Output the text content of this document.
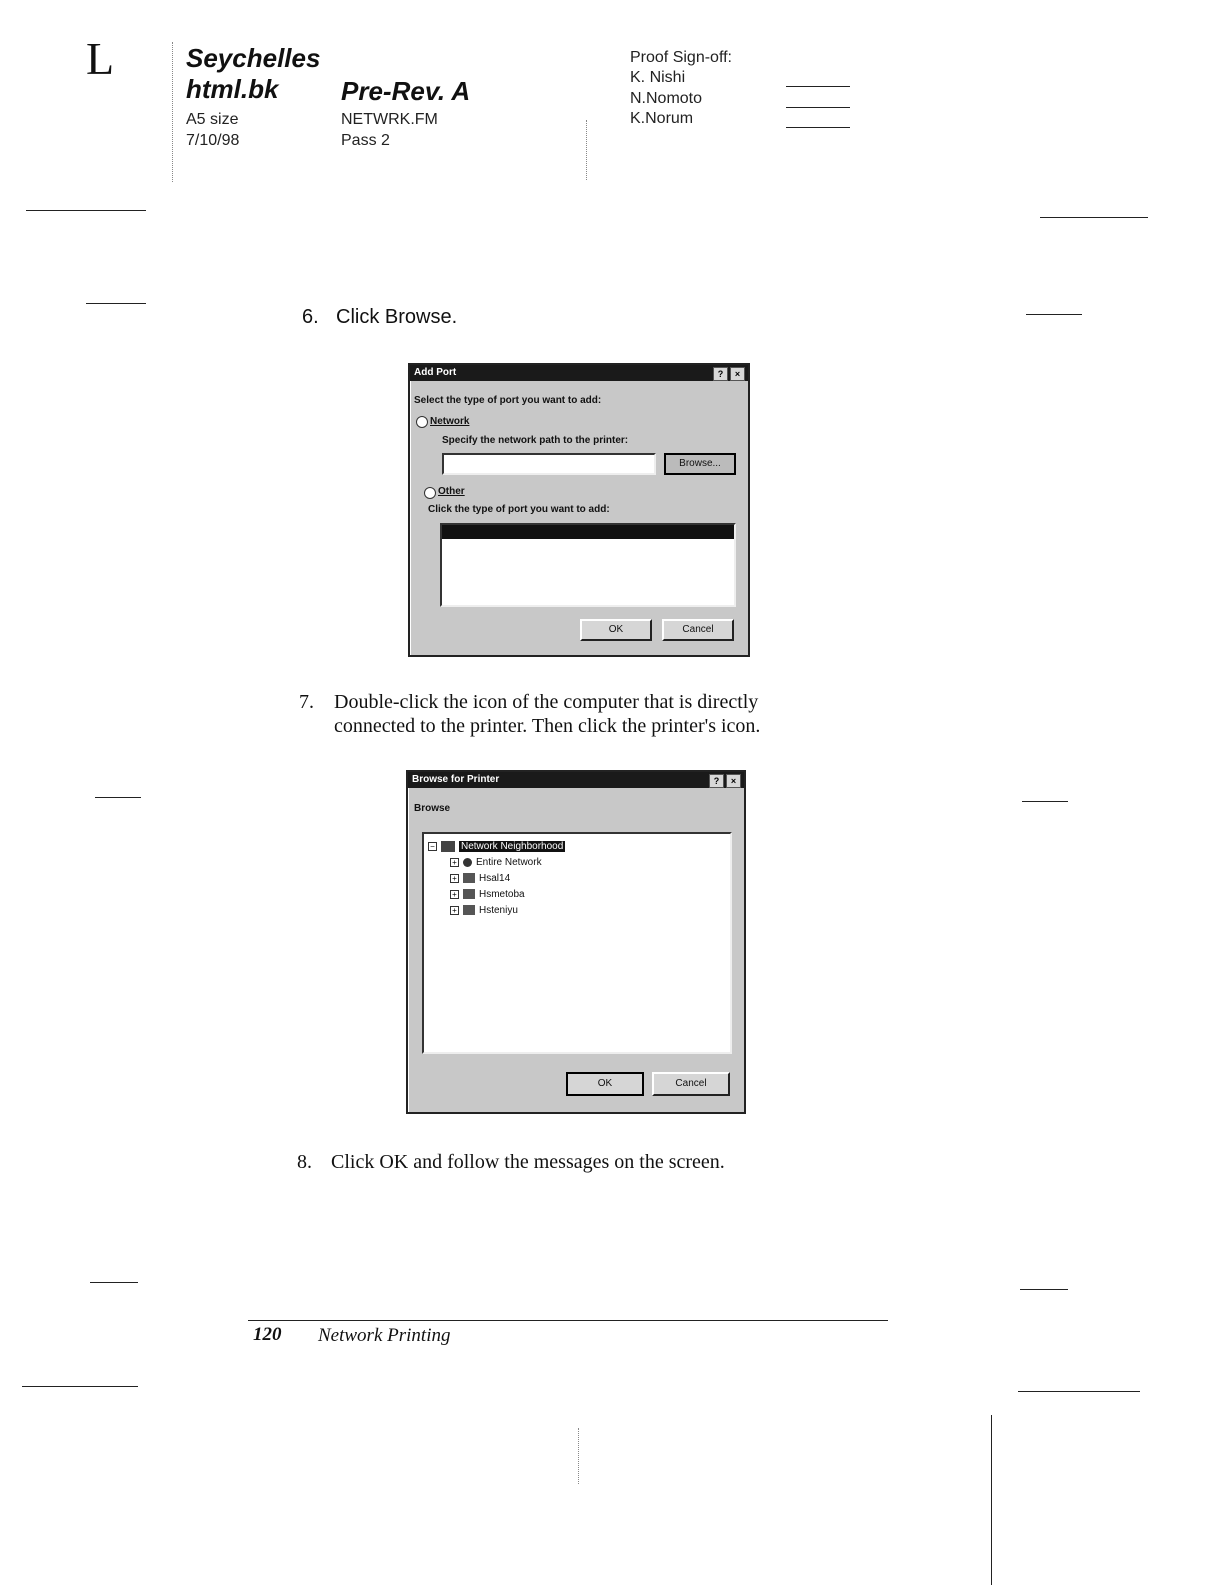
L	Seychelles
html.bk Pre-Rev. A
A5 size
7/10/98
NETWRK.FM
Pass 2
Proof Sign-off:
K. Nishi
N.Nomoto
K.Norum
6. Click Browse.
Add Port	?	×
Select the type of port you want to add:
Network
Specify the network path to the printer:
Browse...
Other
Click the type of port you want to add:
OK	Cancel
7. Double-click the icon of the computer that is directly
connected to the printer. Then click the printer's icon.
Browse for Printer	?	×
Browse
−	Network Neighborhood
+ Entire Network
+ Hsal14
+ Hsmetoba
+ Hsteniyu
OK	Cancel
8. Click OK and follow the messages on the screen.
120 Network Printing
